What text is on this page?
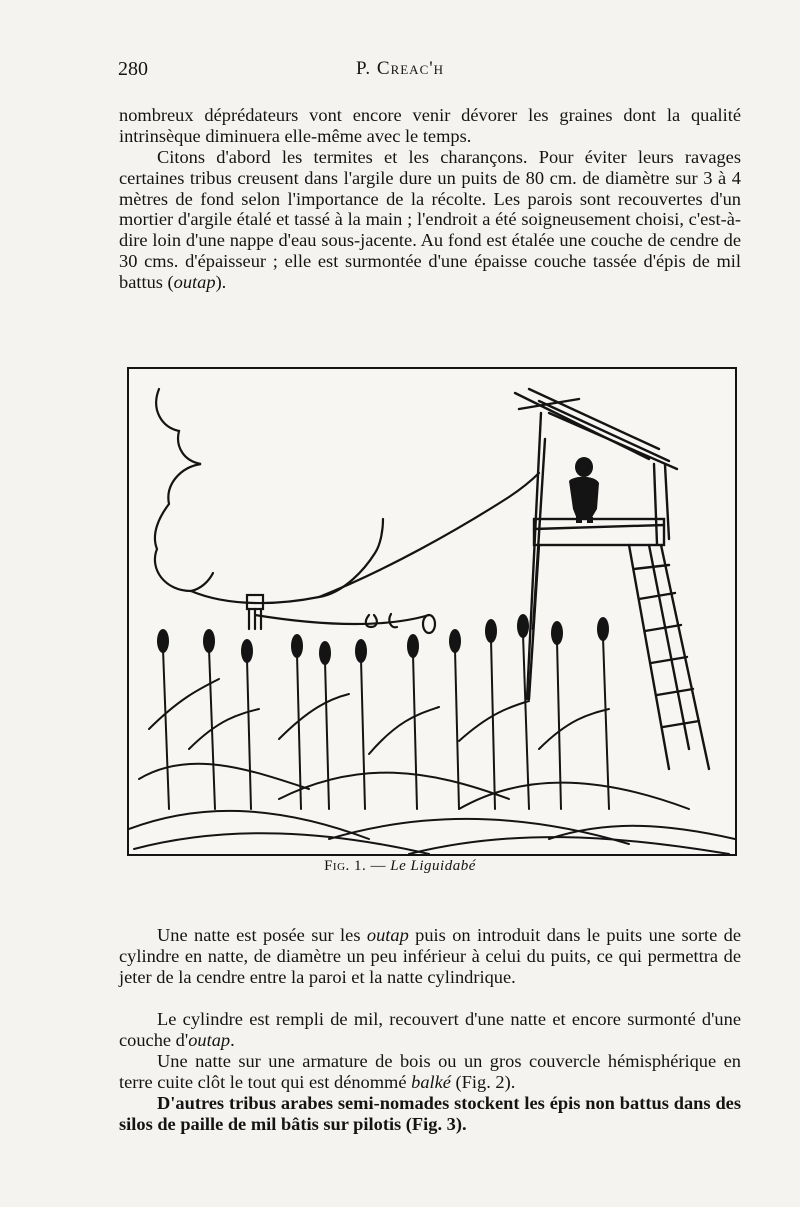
280	P. Creac'h

nombreux déprédateurs vont encore venir dévorer les graines dont la qualité intrinsèque diminuera elle-même avec le temps.

Citons d'abord les termites et les charançons. Pour éviter leurs ravages certaines tribus creusent dans l'argile dure un puits de 80 cm. de diamètre sur 3 à 4 mètres de fond selon l'importance de la récolte. Les parois sont recouvertes d'un mortier d'argile étalé et tassé à la main ; l'endroit a été soigneusement choisi, c'est-à-dire loin d'une nappe d'eau sous-jacente. Au fond est étalée une couche de cendre de 30 cms. d'épaisseur ; elle est surmontée d'une épaisse couche tassée d'épis de mil battus (outap).

Fig. 1. — Le Liguidabé

Une natte est posée sur les outap puis on introduit dans le puits une sorte de cylindre en natte, de diamètre un peu inférieur à celui du puits, ce qui permettra de jeter de la cendre entre la paroi et la natte cylindrique.

Le cylindre est rempli de mil, recouvert d'une natte et encore surmonté d'une couche d'outap.

Une natte sur une armature de bois ou un gros couvercle hémisphérique en terre cuite clôt le tout qui est dénommé balké (Fig. 2).

D'autres tribus arabes semi-nomades stockent les épis non battus dans des silos de paille de mil bâtis sur pilotis (Fig. 3).
